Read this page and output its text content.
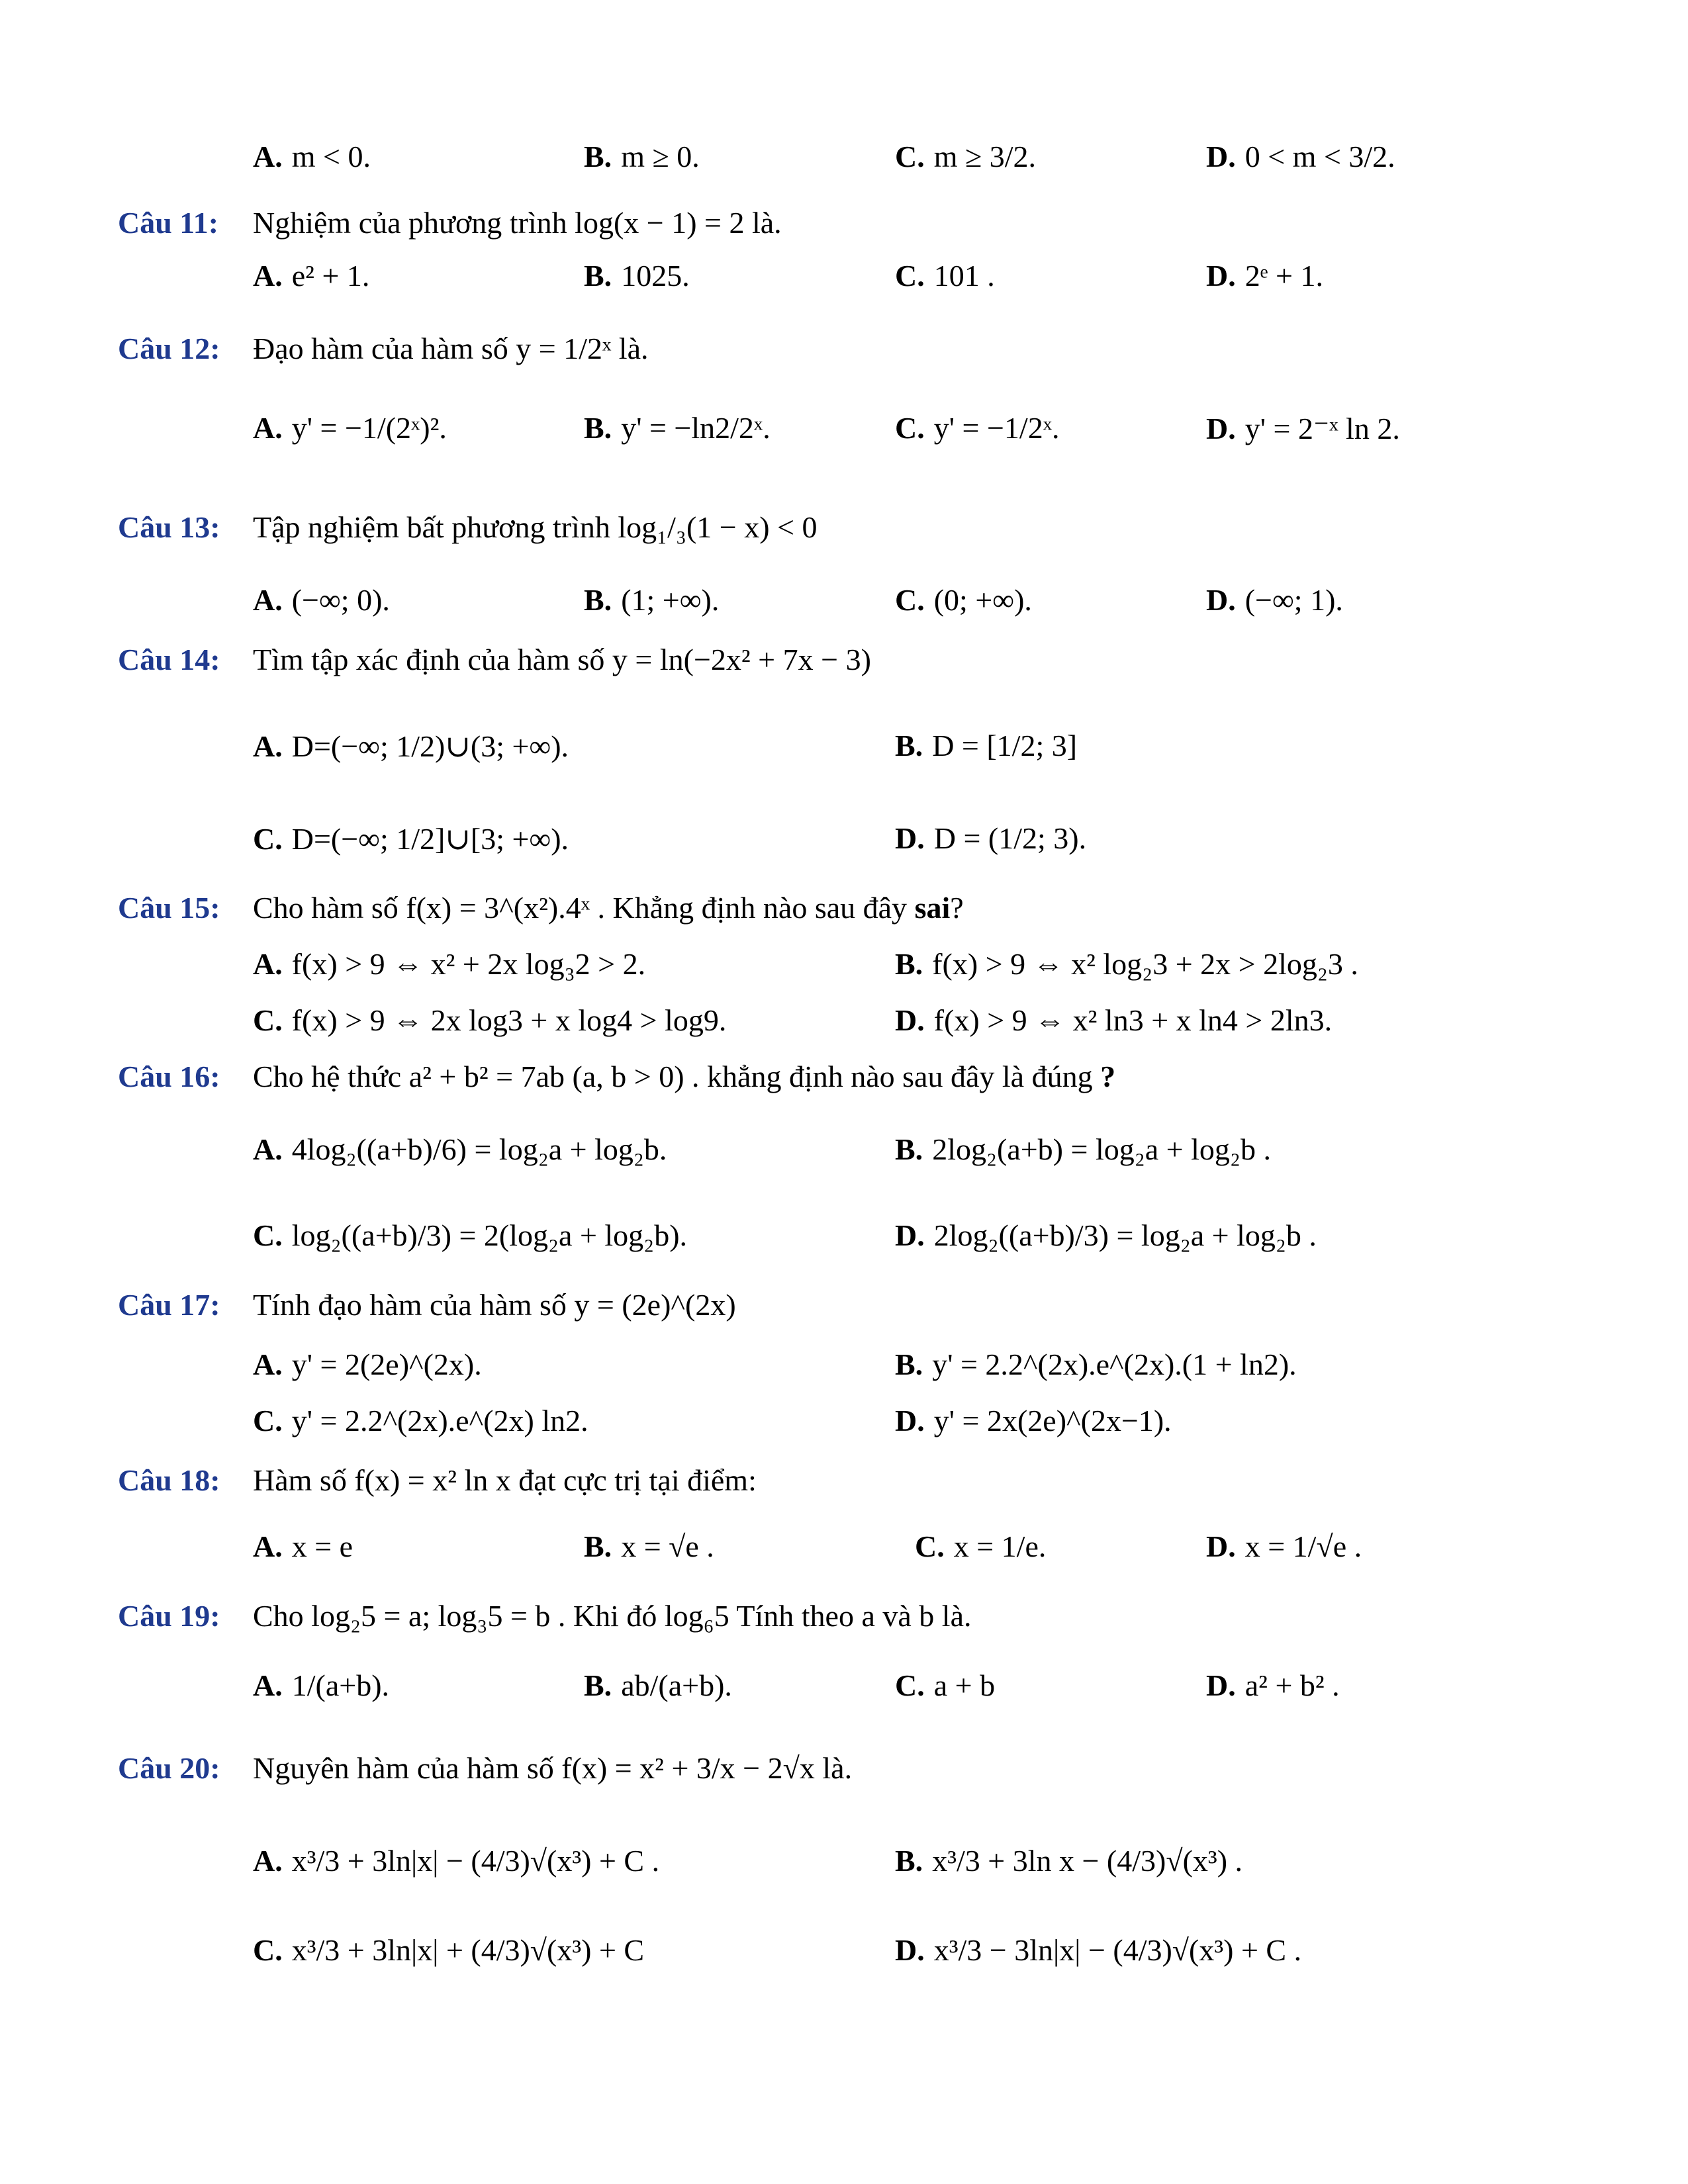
A. m < 0.	B. m ≥ 0.	C. m ≥ 3/2.	D. 0 < m < 3/2.
Câu 11: Nghiệm của phương trình log(x − 1) = 2 là.
A. e² + 1.	B. 1025.	C. 101 .	D. 2ᵉ + 1.
Câu 12: Đạo hàm của hàm số y = 1/2ˣ là.
A. y' = −1/(2ˣ)².	B. y' = −ln2/2ˣ.	C. y' = −1/2ˣ.	D. y' = 2⁻ˣ ln 2.
Câu 13: Tập nghiệm bất phương trình log₁/₃(1 − x) < 0
A. (−∞; 0).	B. (1; +∞).	C. (0; +∞).	D. (−∞; 1).
Câu 14: Tìm tập xác định của hàm số y = ln(−2x² + 7x − 3)
A. D=(−∞; 1/2)∪(3; +∞).	B. D = [1/2; 3]
C. D=(−∞; 1/2]∪[3; +∞).	D. D = (1/2; 3).
Câu 15: Cho hàm số f(x) = 3^(x²).4ˣ . Khẳng định nào sau đây sai?
A. f(x) > 9 ⇔ x² + 2x log₃2 > 2.	B. f(x) > 9 ⇔ x² log₂3 + 2x > 2log₂3 .
C. f(x) > 9 ⇔ 2x log3 + x log4 > log9.	D. f(x) > 9 ⇔ x² ln3 + x ln4 > 2ln3.
Câu 16: Cho hệ thức a² + b² = 7ab (a, b > 0) . khẳng định nào sau đây là đúng ?
A. 4log₂((a+b)/6) = log₂a + log₂b.	B. 2log₂(a+b) = log₂a + log₂b .
C. log₂((a+b)/3) = 2(log₂a + log₂b).	D. 2log₂((a+b)/3) = log₂a + log₂b .
Câu 17: Tính đạo hàm của hàm số y = (2e)^(2x)
A. y' = 2(2e)^(2x).	B. y' = 2.2^(2x).e^(2x).(1 + ln2).
C. y' = 2.2^(2x).e^(2x) ln2.	D. y' = 2x(2e)^(2x−1).
Câu 18: Hàm số f(x) = x² ln x đạt cực trị tại điểm:
A. x = e	B. x = √e .	C. x = 1/e.	D. x = 1/√e .
Câu 19: Cho log₂5 = a; log₃5 = b . Khi đó log₆5 Tính theo a và b là.
A. 1/(a+b).	B. ab/(a+b).	C. a + b	D. a² + b² .
Câu 20: Nguyên hàm của hàm số f(x) = x² + 3/x − 2√x là.
A. x³/3 + 3ln|x| − (4/3)√(x³) + C .	B. x³/3 + 3ln x − (4/3)√(x³) .
C. x³/3 + 3ln|x| + (4/3)√(x³) + C	D. x³/3 − 3ln|x| − (4/3)√(x³) + C .
